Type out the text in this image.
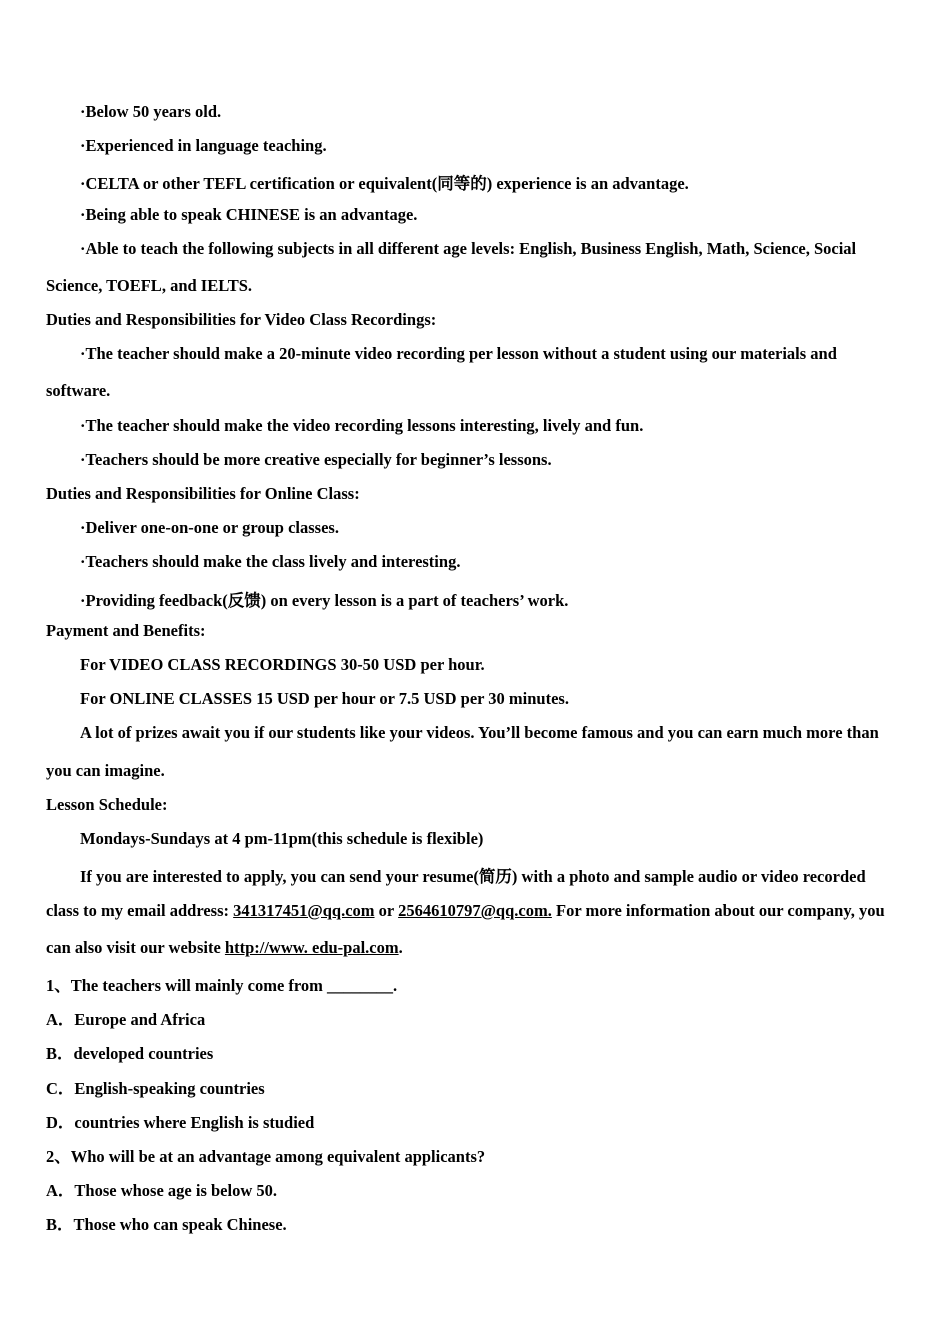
·Below 50 years old.
·Experienced in language teaching.
·CELTA or other TEFL certification or equivalent(同等的) experience is an advantage.
·Being able to speak CHINESE is an advantage.
·Able to teach the following subjects in all different age levels: English, Business English, Math, Science, Social
Science, TOEFL, and IELTS.
Duties and Responsibilities for Video Class Recordings:
·The teacher should make a 20-minute video recording per lesson without a student using our materials and
software.
·The teacher should make the video recording lessons interesting, lively and fun.
·Teachers should be more creative especially for beginner’s lessons.
Duties and Responsibilities for Online Class:
·Deliver one-on-one or group classes.
·Teachers should make the class lively and interesting.
·Providing feedback(反馈) on every lesson is a part of teachers’ work.
Payment and Benefits:
For VIDEO CLASS RECORDINGS 30-50 USD per hour.
For ONLINE CLASSES 15 USD per hour or 7.5 USD per 30 minutes.
A lot of prizes await you if our students like your videos. You’ll become famous and you can earn much more than
you can imagine.
Lesson Schedule:
Mondays-Sundays at 4 pm-11pm(this schedule is flexible)
If you are interested to apply, you can send your resume(简历) with a photo and sample audio or video recorded
class to my email address: 341317451@qq.com or 2564610797@qq.com. For more information about our company, you
can also visit our website http://www. edu-pal.com.
1、The teachers will mainly come from ________.
A．Europe and Africa
B．developed countries
C．English-speaking countries
D．countries where English is studied
2、Who will be at an advantage among equivalent applicants?
A．Those whose age is below 50.
B．Those who can speak Chinese.
